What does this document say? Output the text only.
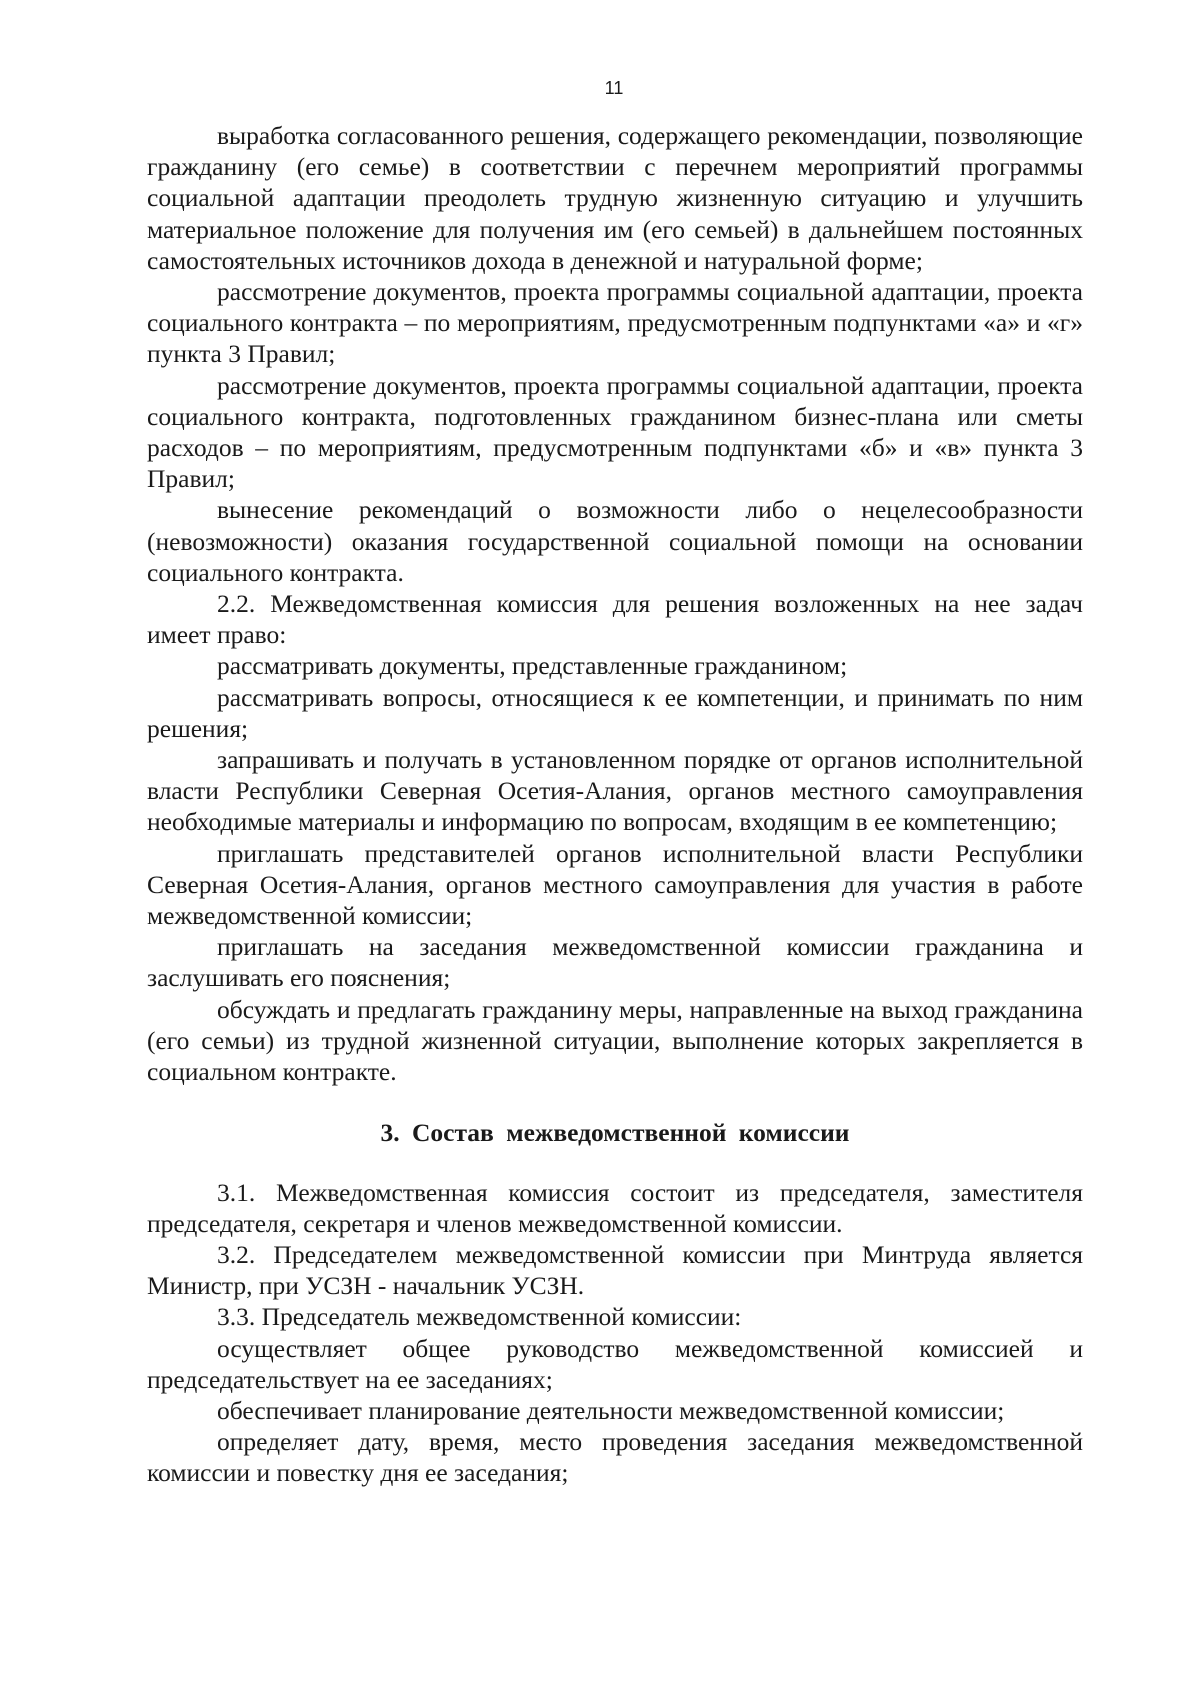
11

выработка согласованного решения, содержащего рекомендации, позволяющие гражданину (его семье) в соответствии с перечнем мероприятий программы социальной адаптации преодолеть трудную жизненную ситуацию и улучшить материальное положение для получения им (его семьей) в дальнейшем постоянных самостоятельных источников дохода в денежной и натуральной форме;

рассмотрение документов, проекта программы социальной адаптации, проекта социального контракта – по мероприятиям, предусмотренным подпунктами «а» и «г» пункта 3 Правил;

рассмотрение документов, проекта программы социальной адаптации, проекта социального контракта, подготовленных гражданином бизнес-плана или сметы расходов – по мероприятиям, предусмотренным подпунктами «б» и «в» пункта 3 Правил;

вынесение рекомендаций о возможности либо о нецелесообразности (невозможности) оказания государственной социальной помощи на основании социального контракта.

2.2. Межведомственная комиссия для решения возложенных на нее задач имеет право:

рассматривать документы, представленные гражданином;

рассматривать вопросы, относящиеся к ее компетенции, и принимать по ним решения;

запрашивать и получать в установленном порядке от органов исполнительной власти Республики Северная Осетия-Алания, органов местного самоуправления необходимые материалы и информацию по вопросам, входящим в ее компетенцию;

приглашать представителей органов исполнительной власти Республики Северная Осетия-Алания, органов местного самоуправления для участия в работе межведомственной комиссии;

приглашать на заседания межведомственной комиссии гражданина и заслушивать его пояснения;

обсуждать и предлагать гражданину меры, направленные на выход гражданина (его семьи) из трудной жизненной ситуации, выполнение которых закрепляется в социальном контракте.

3. Состав межведомственной комиссии

3.1. Межведомственная комиссия состоит из председателя, заместителя председателя, секретаря и членов межведомственной комиссии.

3.2. Председателем межведомственной комиссии при Минтруда является Министр, при УСЗН - начальник УСЗН.

3.3. Председатель межведомственной комиссии:

осуществляет общее руководство межведомственной комиссией и председательствует на ее заседаниях;

обеспечивает планирование деятельности межведомственной комиссии;

определяет дату, время, место проведения заседания межведомственной комиссии и повестку дня ее заседания;
